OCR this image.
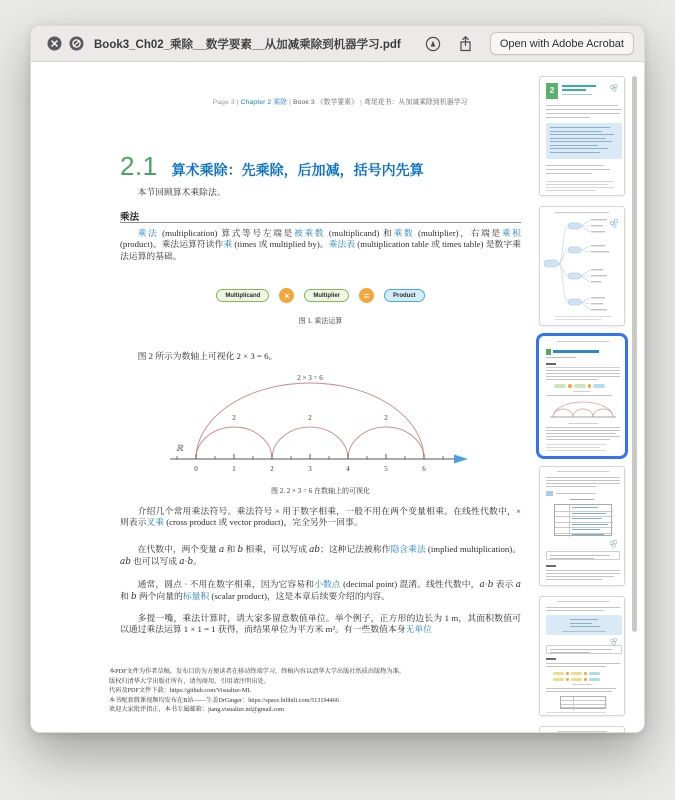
Book3_Ch02_乘除__数学要素__从加减乘除到机器学习.pdf	Open with Adobe Acrobat
Page 3 | Chapter 2 乘除 | Book 3 《数学要素》 | 鸢尾花书：从加减乘除到机器学习
2.1 算术乘除：先乘除，后加减，括号内先算
本节回顾算术乘除法。
乘法
乘法 (multiplication) 算式等号左端是被乘数 (multiplicand) 和乘数 (multiplier)，右端是乘积 (product)。乘法运算符读作乘 (times 或 multiplied by)。乘法表 (multiplication table 或 times table) 是数字乘法运算的基础。
Multiplicand	×	Multiplier	=	Product
图 1. 乘法运算
图 2 所示为数轴上可视化 2 × 3 = 6。
2 × 3 = 6
2	2	2
ℝ
0	1	2	3	4	5	6
图 2. 2 × 3 = 6 在数轴上的可视化
介绍几个常用乘法符号。乘法符号 × 用于数字相乘，一般不用在两个变量相乘。在线性代数中，× 则表示叉乘 (cross product 或 vector product)，完全另外一回事。
在代数中，两个变量 a 和 b 相乘，可以写成 ab；这种记法被称作隐含乘法 (implied multiplication)。ab 也可以写成 a·b。
通常，圆点 · 不用在数字相乘，因为它容易和小数点 (decimal point) 混淆。线性代数中，a·b 表示 a 和 b 两个向量的标量积 (scalar product)，这是本章后续要介绍的内容。
多提一嘴，乘法计算时，请大家多留意数值单位。举个例子，正方形的边长为 1 m，其面积数值可以通过乘法运算 1 × 1 = 1 获得，而结果单位为平方米 m²。有一些数值本身无单位
本PDF文件为作者草稿，发布目的为方便读者在移动终端学习，终稿内容以清华大学出版社纸质出版物为准。
版权归清华大学出版社所有，请勿商用，引用请注明出处。
代码及PDF文件下载：https://github.com/Visualize-ML
本书配套微课视频均发布在B站——生姜DrGinger：https://space.bilibili.com/513194466
欢迎大家批评指正，本书专属邮箱：jiang.visualize.ml@gmail.com
2
